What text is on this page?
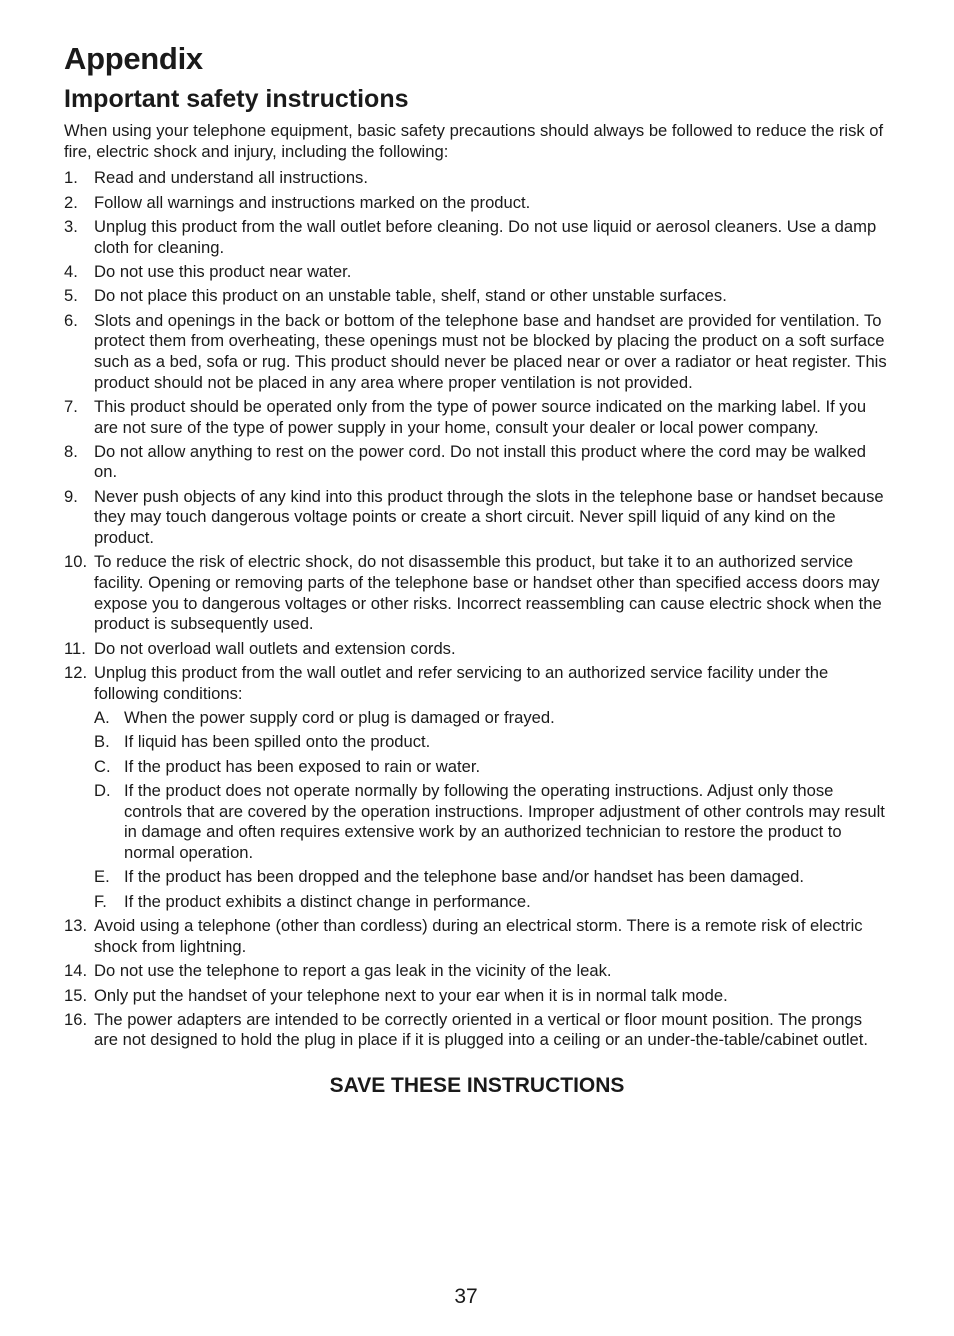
Appendix
Important safety instructions

When using your telephone equipment, basic safety precautions should always be followed to reduce the risk of fire, electric shock and injury, including the following:

1. Read and understand all instructions.
2. Follow all warnings and instructions marked on the product.
3. Unplug this product from the wall outlet before cleaning. Do not use liquid or aerosol cleaners. Use a damp cloth for cleaning.
4. Do not use this product near water.
5. Do not place this product on an unstable table, shelf, stand or other unstable surfaces.
6. Slots and openings in the back or bottom of the telephone base and handset are provided for ventilation. To protect them from overheating, these openings must not be blocked by placing the product on a soft surface such as a bed, sofa or rug. This product should never be placed near or over a radiator or heat register. This product should not be placed in any area where proper ventilation is not provided.
7. This product should be operated only from the type of power source indicated on the marking label. If you are not sure of the type of power supply in your home, consult your dealer or local power company.
8. Do not allow anything to rest on the power cord. Do not install this product where the cord may be walked on.
9. Never push objects of any kind into this product through the slots in the telephone base or handset because they may touch dangerous voltage points or create a short circuit. Never spill liquid of any kind on the product.
10. To reduce the risk of electric shock, do not disassemble this product, but take it to an authorized service facility. Opening or removing parts of the telephone base or handset other than specified access doors may expose you to dangerous voltages or other risks. Incorrect reassembling can cause electric shock when the product is subsequently used.
11. Do not overload wall outlets and extension cords.
12. Unplug this product from the wall outlet and refer servicing to an authorized service facility under the following conditions:
A. When the power supply cord or plug is damaged or frayed.
B. If liquid has been spilled onto the product.
C. If the product has been exposed to rain or water.
D. If the product does not operate normally by following the operating instructions. Adjust only those controls that are covered by the operation instructions. Improper adjustment of other controls may result in damage and often requires extensive work by an authorized technician to restore the product to normal operation.
E. If the product has been dropped and the telephone base and/or handset has been damaged.
F. If the product exhibits a distinct change in performance.
13. Avoid using a telephone (other than cordless) during an electrical storm. There is a remote risk of electric shock from lightning.
14. Do not use the telephone to report a gas leak in the vicinity of the leak.
15. Only put the handset of your telephone next to your ear when it is in normal talk mode.
16. The power adapters are intended to be correctly oriented in a vertical or floor mount position. The prongs are not designed to hold the plug in place if it is plugged into a ceiling or an under-the-table/cabinet outlet.

SAVE THESE INSTRUCTIONS

37
